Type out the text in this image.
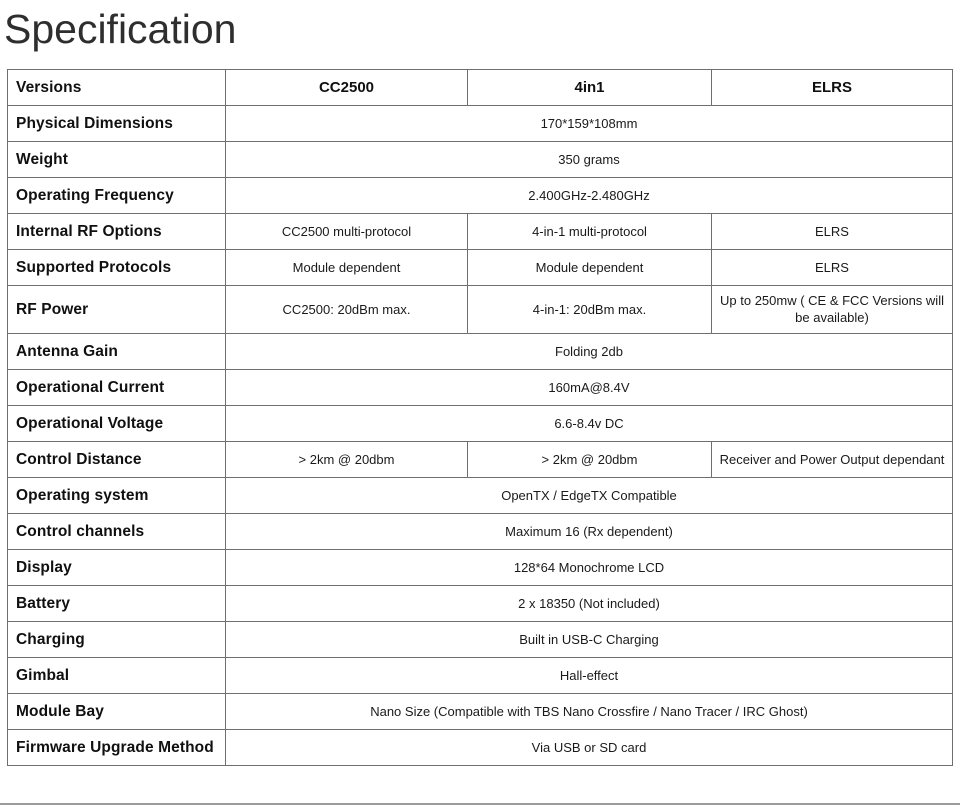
Specification
Versions	CC2500	4in1	ELRS
Physical Dimensions	170*159*108mm		
Weight	350 grams		
Operating Frequency	2.400GHz-2.480GHz		
Internal RF Options	CC2500 multi-protocol	4-in-1 multi-protocol	ELRS
Supported Protocols	Module dependent	Module dependent	ELRS
RF Power	CC2500: 20dBm max.	4-in-1: 20dBm max.	Up to 250mw ( CE & FCC Versions will be available)
Antenna Gain	Folding 2db		
Operational Current	160mA@8.4V		
Operational Voltage	6.6-8.4v DC		
Control Distance	> 2km @ 20dbm	> 2km @ 20dbm	Receiver and Power Output dependant
Operating system	OpenTX / EdgeTX Compatible		
Control channels	Maximum 16 (Rx dependent)		
Display	128*64 Monochrome LCD		
Battery	2 x 18350 (Not included)		
Charging	Built in USB-C Charging		
Gimbal	Hall-effect		
Module Bay	Nano Size (Compatible with TBS Nano Crossfire / Nano Tracer / IRC Ghost)		
Firmware Upgrade Method	Via USB or SD card		
